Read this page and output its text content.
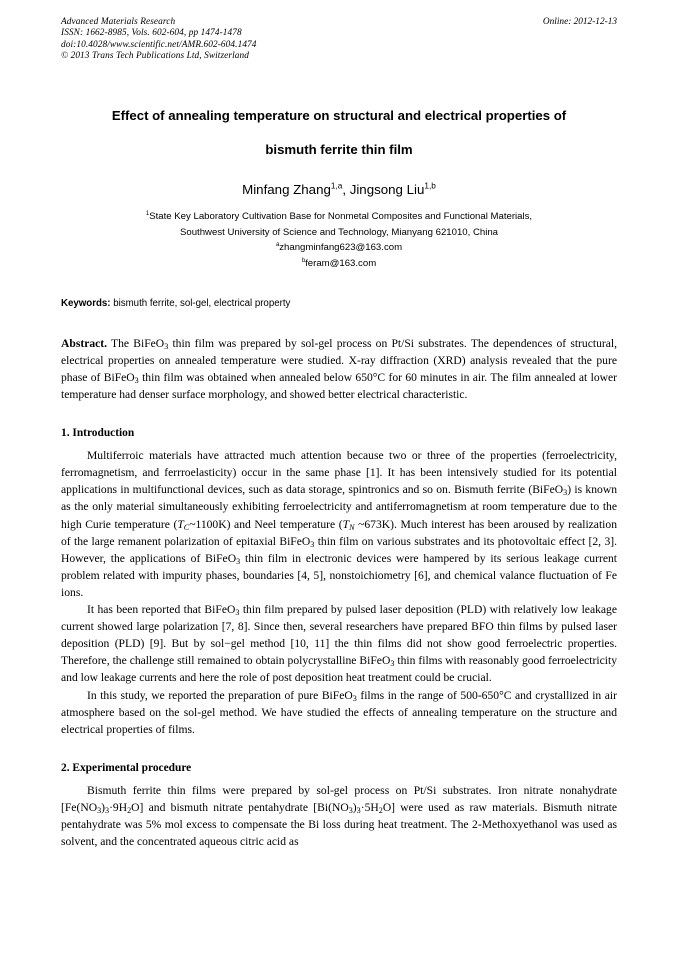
Advanced Materials Research
ISSN: 1662-8985, Vols. 602-604, pp 1474-1478
doi:10.4028/www.scientific.net/AMR.602-604.1474
© 2013 Trans Tech Publications Ltd, Switzerland
Online: 2012-12-13
Effect of annealing temperature on structural and electrical properties of
bismuth ferrite thin film
Minfang Zhang$^{1,a}$, Jingsong Liu$^{1,b}$
$^1$State Key Laboratory Cultivation Base for Nonmetal Composites and Functional Materials,
Southwest University of Science and Technology, Mianyang 621010, China
$^a$zhangminfang623@163.com
$^b$feram@163.com
Keywords: bismuth ferrite, sol-gel, electrical property
Abstract. The BiFeO$_3$ thin film was prepared by sol-gel process on Pt/Si substrates. The dependences of structural, electrical properties on annealed temperature were studied. X-ray diffraction (XRD) analysis revealed that the pure phase of BiFeO$_3$ thin film was obtained when annealed below 650°C for 60 minutes in air. The film annealed at lower temperature had denser surface morphology, and showed better electrical characteristic.
1. Introduction
Multiferroic materials have attracted much attention because two or three of the properties (ferroelectricity, ferromagnetism, and ferrroelasticity) occur in the same phase [1]. It has been intensively studied for its potential applications in multifunctional devices, such as data storage, spintronics and so on. Bismuth ferrite (BiFeO$_3$) is known as the only material simultaneously exhibiting ferroelectricity and antiferromagnetism at room temperature due to the high Curie temperature $(T_C\sim 1100K)$ and Neel temperature ($T_N$ ~673K). Much interest has been aroused by realization of the large remanent polarization of epitaxial BiFeO$_3$ thin film on various substrates and its photovoltaic effect [2, 3]. However, the applications of BiFeO$_3$ thin film in electronic devices were hampered by its serious leakage current problem related with impurity phases, boundaries [4, 5], nonstoichiometry [6], and chemical valance fluctuation of Fe ions.
It has been reported that BiFeO$_3$ thin film prepared by pulsed laser deposition (PLD) with relatively low leakage current showed large polarization [7, 8]. Since then, several researchers have prepared BFO thin films by pulsed laser deposition (PLD) [9]. But by sol−gel method [10, 11] the thin films did not show good ferroelectric properties. Therefore, the challenge still remained to obtain polycrystalline BiFeO$_3$ thin films with reasonably good ferroelectricity and low leakage currents and here the role of post deposition heat treatment could be crucial.
In this study, we reported the preparation of pure BiFeO$_3$ films in the range of 500-650°C and crystallized in air atmosphere based on the sol-gel method. We have studied the effects of annealing temperature on the structure and electrical properties of films.
2. Experimental procedure
Bismuth ferrite thin films were prepared by sol-gel process on Pt/Si substrates. Iron nitrate nonahydrate $[Fe(NO_3)_3\cdot 9H_2O]$ and bismuth nitrate pentahydrate $[Bi(NO_3)_3\cdot 5H_2O]$ were used as raw materials. Bismuth nitrate pentahydrate was 5% mol excess to compensate the Bi loss during heat treatment. The 2-Methoxyethanol was used as solvent, and the concentrated aqueous citric acid as
